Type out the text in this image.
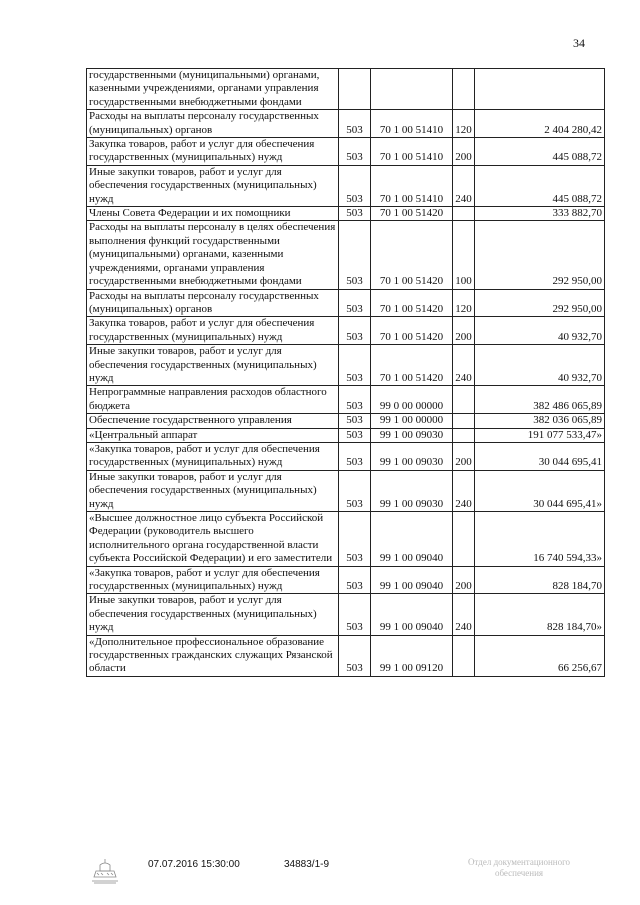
34
государственными (муниципальными) органами, казенными учреждениями, органами управления государственными внебюджетными фондами				
Расходы на выплаты персоналу государственных (муниципальных) органов	503	70 1 00 51410	120	2 404 280,42
Закупка товаров, работ и услуг для обеспечения государственных (муниципальных) нужд	503	70 1 00 51410	200	445 088,72
Иные закупки товаров, работ и услуг для обеспечения государственных (муниципальных) нужд	503	70 1 00 51410	240	445 088,72
Члены Совета Федерации и их помощники	503	70 1 00 51420		333 882,70
Расходы на выплаты персоналу в целях обеспечения выполнения функций государственными (муниципальными) органами, казенными учреждениями, органами управления государственными внебюджетными фондами	503	70 1 00 51420	100	292 950,00
Расходы на выплаты персоналу государственных (муниципальных) органов	503	70 1 00 51420	120	292 950,00
Закупка товаров, работ и услуг для обеспечения государственных (муниципальных) нужд	503	70 1 00 51420	200	40 932,70
Иные закупки товаров, работ и услуг для обеспечения государственных (муниципальных) нужд	503	70 1 00 51420	240	40 932,70
Непрограммные направления расходов областного бюджета	503	99 0 00 00000		382 486 065,89
Обеспечение государственного управления	503	99 1 00 00000		382 036 065,89
«Центральный аппарат	503	99 1 00 09030		191 077 533,47»
«Закупка товаров, работ и услуг для обеспечения государственных (муниципальных) нужд	503	99 1 00 09030	200	30 044 695,41
Иные закупки товаров, работ и услуг для обеспечения государственных (муниципальных) нужд	503	99 1 00 09030	240	30 044 695,41»
«Высшее должностное лицо субъекта Российской Федерации (руководитель высшего исполнительного органа государственной власти субъекта Российской Федерации) и его заместители	503	99 1 00 09040		16 740 594,33»
«Закупка товаров, работ и услуг для обеспечения государственных (муниципальных) нужд	503	99 1 00 09040	200	828 184,70
Иные закупки товаров, работ и услуг для обеспечения государственных (муниципальных) нужд	503	99 1 00 09040	240	828 184,70»
«Дополнительное профессиональное образование государственных гражданских служащих Рязанской области	503	99 1 00 09120		66 256,67
07.07.2016 15:30:00	34883/1-9	Отдел документационного
обеспечения
